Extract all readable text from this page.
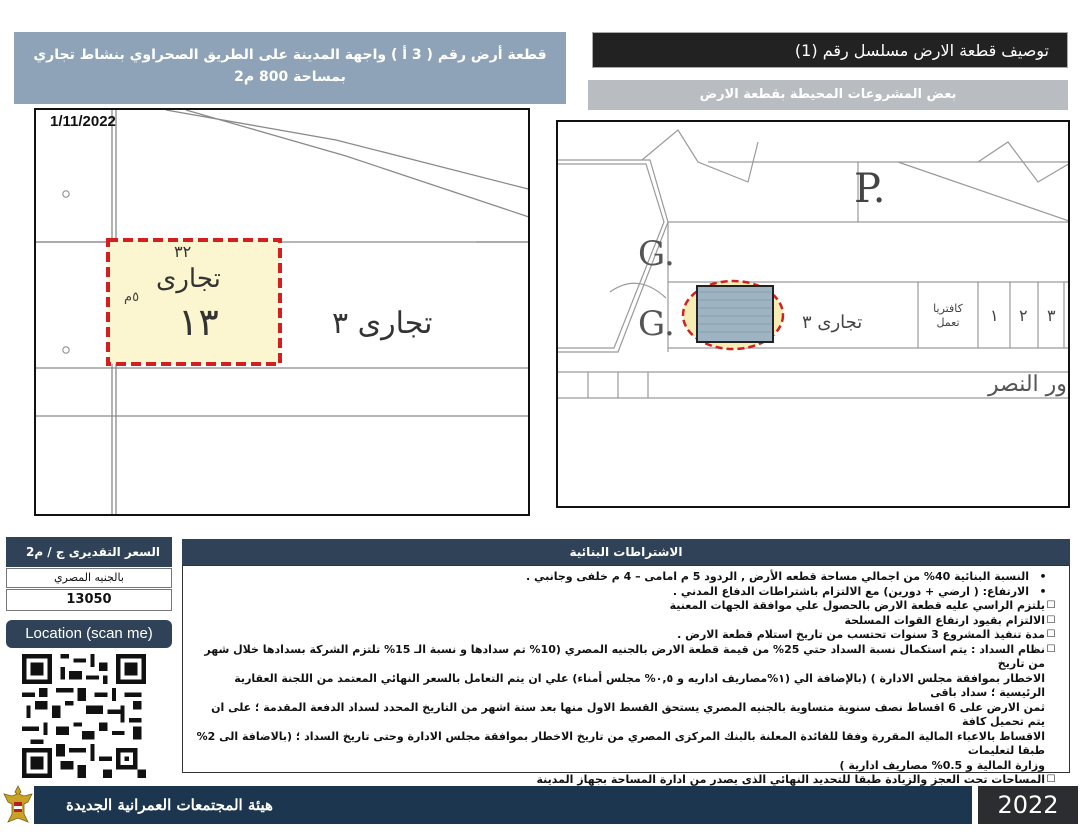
قطعة أرض رقم ( 3 أ ) واجهة المدينة على الطريق الصحراوي بنشاط تجاري
بمساحة 800 م2
توصيف قطعة الارض مسلسل رقم (1)
بعض المشروعات المحيطة بقطعة الارض
٣٢
تجارى
١٣
٥م
تجارى ٣
1/11/2022
P.
G.
G.	تجارى ٣
كافتريا
تعمل	١ ٢ ٣
ور النصر
السعر التقديرى ج / م2
بالجنيه المصري
13050
Location (scan me)
الاشتراطات البنائية
•
النسبة البنائية 40% من اجمالي مساحة قطعه الأرض , الردود 5 م امامى – 4 م خلفى وجانبي .
•
الارتفاع: ( ارضي + دورين) مع الالتزام باشتراطات الدفاع المدني .
☐
يلتزم الراسي عليه قطعة الارض بالحصول علي موافقة الجهات المعنية
☐
الالتزام بقيود ارتفاع القوات المسلحة
☐
مدة تنفيذ المشروع 3 سنوات تحتسب من تاريخ استلام قطعة الارض .
☐
نظام السداد : يتم استكمال نسبة السداد حتي 25% من قيمة قطعة الارض بالجنيه المصري (10% تم سدادها و نسبة الـ 15% تلتزم الشركة بسدادها خلال شهر من تاريخ
الاخطار بموافقة مجلس الادارة ) (بالإضافة الي (١%مصاريف اداريه و ٠,٥% مجلس أمناء) علي ان يتم التعامل بالسعر النهائي المعتمد من اللجنة العقارية الرئيسية ؛ سداد باقى
ثمن الارض على 6 اقساط نصف سنوية متساوية بالجنيه المصري يستحق القسط الاول منها بعد ستة اشهر من التاريخ المحدد لسداد الدفعة المقدمة ؛ على ان يتم تحميل كافة
الاقساط بالاعباء المالية المقررة وفقا للفائدة المعلنة بالبنك المركزى المصري من تاريخ الاخطار بموافقة مجلس الادارة وحتى تاريخ السداد ؛ (بالاضافة الى 2% طبقا لتعليمات
وزارة المالية و 0.5% مصاريف ادارية )
☐
المساحات تحت العجز والزيادة طبقا للتحديد النهائي الذى يصدر من ادارة المساحة بجهاز المدينة
هيئة المجتمعات العمرانية الجديدة	2022
